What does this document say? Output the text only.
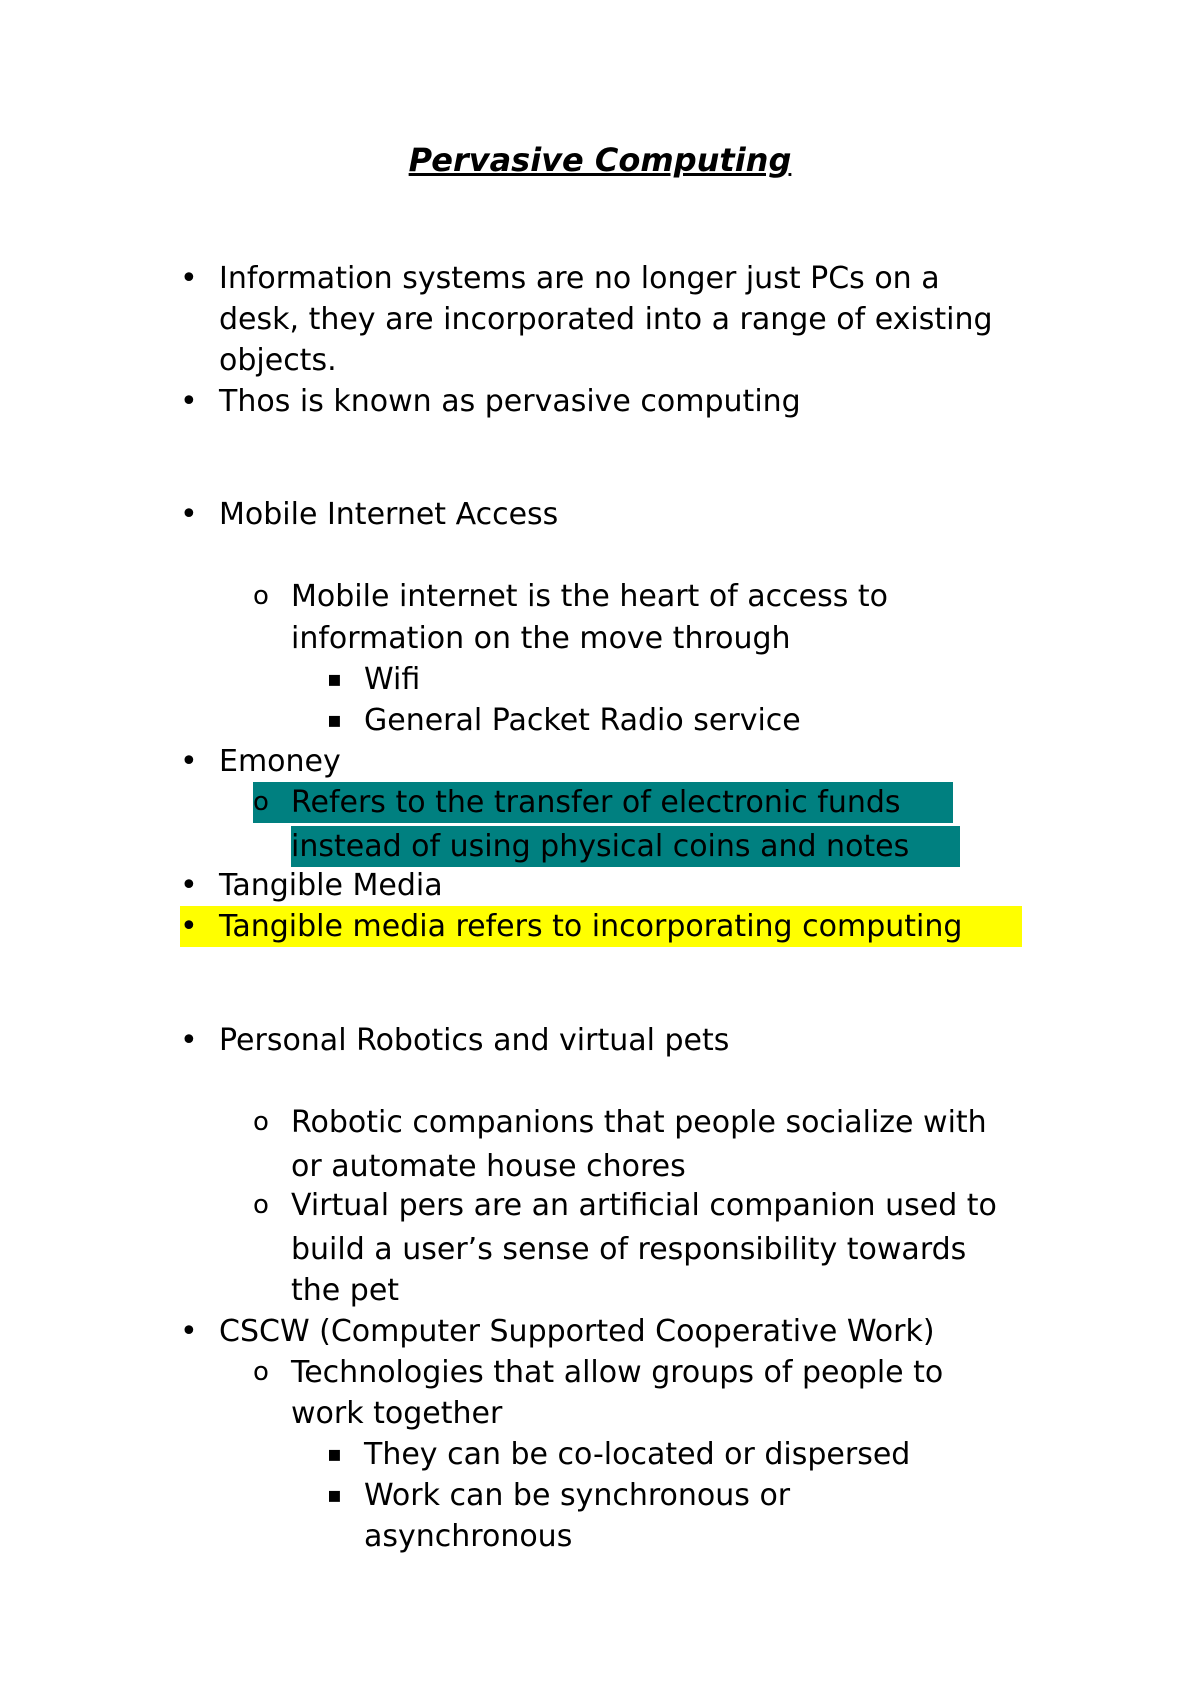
Pervasive Computing
• Information systems are no longer just PCs on a
desk, they are incorporated into a range of existing
objects.
• Thos is known as pervasive computing
• Mobile Internet Access
o Mobile internet is the heart of access to
information on the move through
▪ Wifi
▪ General Packet Radio service
• Emoney
o Refers to the transfer of electronic funds
instead of using physical coins and notes
• Tangible Media
• Tangible media refers to incorporating computing
• Personal Robotics and virtual pets
o Robotic companions that people socialize with
or automate house chores
o Virtual pers are an artificial companion used to
build a user’s sense of responsibility towards
the pet
• CSCW (Computer Supported Cooperative Work)
o Technologies that allow groups of people to
work together
▪ They can be co-located or dispersed
▪ Work can be synchronous or
asynchronous
